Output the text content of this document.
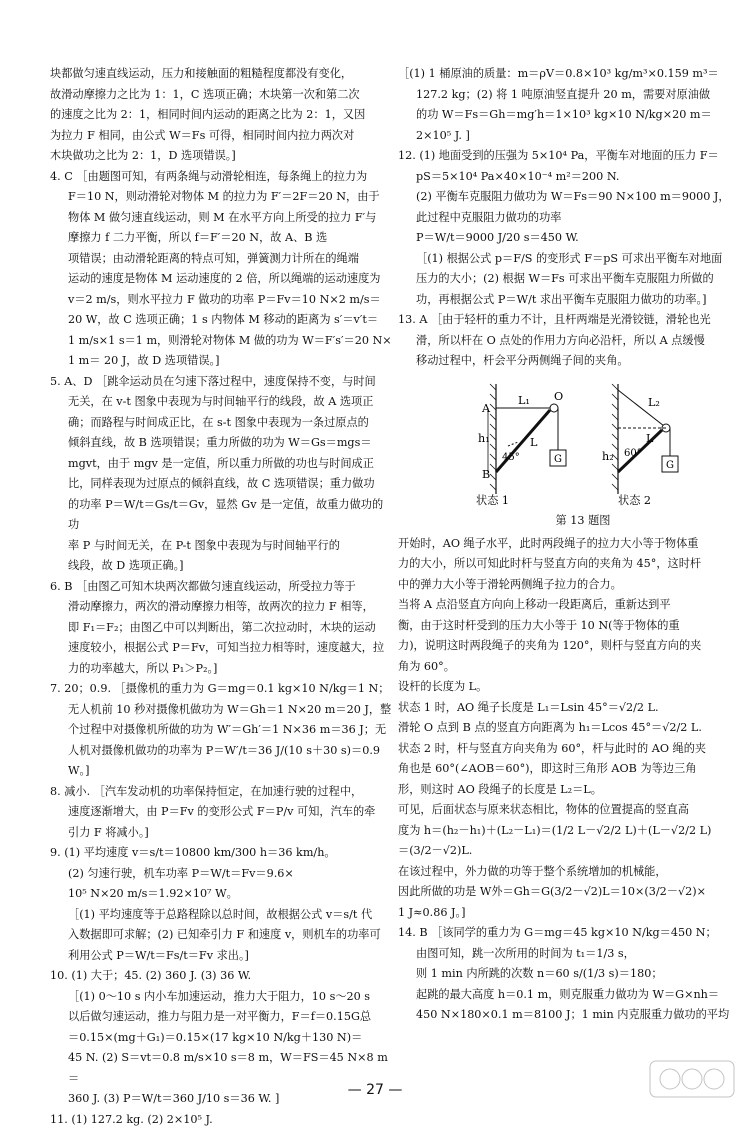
块都做匀速直线运动，压力和接触面的粗糙程度都没有变化，

故滑动摩擦力之比为 1：1，C 选项正确；木块第一次和第二次

的速度之比为 2：1，相同时间内运动的距离之比为 2：1，又因

为拉力 F 相同，由公式 W＝Fs 可得，相同时间内拉力两次对

木块做功之比为 2：1，D 选项错误。]

4. C ［由题图可知，有两条绳与动滑轮相连，每条绳上的拉力为

F＝10 N，则动滑轮对物体 M 的拉力为 F′＝2F＝20 N，由于

物体 M 做匀速直线运动，则 M 在水平方向上所受的拉力 F′与

摩擦力 f 二力平衡，所以 f＝F′＝20 N，故 A、B 选

项错误；由动滑轮距离的特点可知，弹簧测力计所在的绳端

运动的速度是物体 M 运动速度的 2 倍，所以绳端的运动速度为

v＝2 m/s，则水平拉力 F 做功的功率 P＝Fv＝10 N×2 m/s＝

20 W，故 C 选项正确；1 s 内物体 M 移动的距离为 s′＝v′t＝

1 m/s×1 s＝1 m，则滑轮对物体 M 做的功为 W＝F′s′＝20 N×

1 m＝ 20 J，故 D 选项错误。]

5. A、D ［跳伞运动员在匀速下落过程中，速度保持不变，与时间

无关，在 v-t 图象中表现为与时间轴平行的线段，故 A 选项正

确；而路程与时间成正比，在 s-t 图象中表现为一条过原点的

倾斜直线，故 B 选项错误；重力所做的功为 W＝Gs＝mgs＝

mgvt，由于 mgv 是一定值，所以重力所做的功也与时间成正

比，同样表现为过原点的倾斜直线，故 C 选项错误；重力做功

的功率 P＝W/t＝Gs/t＝Gv，显然 Gv 是一定值，故重力做功的功

率 P 与时间无关，在 P-t 图象中表现为与时间轴平行的

线段，故 D 选项正确。]

6. B ［由图乙可知木块两次都做匀速直线运动，所受拉力等于

滑动摩擦力，两次的滑动摩擦力相等，故两次的拉力 F 相等，

即 F₁＝F₂；由图乙中可以判断出，第二次拉动时，木块的运动

速度较小，根据公式 P＝Fv，可知当拉力相等时，速度越大，拉

力的功率越大，所以 P₁＞P₂。]

7. 20；0.9. ［摄像机的重力为 G＝mg＝0.1 kg×10 N/kg＝1 N；

无人机前 10 秒对摄像机做功为 W＝Gh＝1 N×20 m＝20 J，整

个过程中对摄像机所做的功为 W′＝Gh′＝1 N×36 m＝36 J；无

人机对摄像机做功的功率为 P＝W′/t＝36 J/(10 s＋30 s)＝0.9 W。]

8. 减小. ［汽车发动机的功率保持恒定，在加速行驶的过程中，

速度逐渐增大，由 P＝Fv 的变形公式 F＝P/v 可知，汽车的牵

引力 F 将减小。]

9. (1) 平均速度 v＝s/t＝10800 km/300 h＝36 km/h。

(2) 匀速行驶，机车功率 P＝W/t＝Fv＝9.6×

10⁵ N×20 m/s＝1.92×10⁷ W。

［(1) 平均速度等于总路程除以总时间，故根据公式 v＝s/t 代

入数据即可求解；(2) 已知牵引力 F 和速度 v，则机车的功率可

利用公式 P＝W/t＝Fs/t＝Fv 求出。]

10. (1) 大于；45. (2) 360 J. (3) 36 W.

［(1) 0～10 s 内小车加速运动，推力大于阻力，10 s～20 s

以后做匀速运动，推力与阻力是一对平衡力，F＝f＝0.15G总

＝0.15×(mg＋G₁)＝0.15×(17 kg×10 N/kg＋130 N)＝

45 N. (2) S＝vt＝0.8 m/s×10 s＝8 m，W＝FS＝45 N×8 m＝

360 J. (3) P＝W/t＝360 J/10 s＝36 W. ]

11. (1) 127.2 kg. (2) 2×10⁵ J.

［(1) 1 桶原油的质量：m＝ρV＝0.8×10³ kg/m³×0.159 m³＝

127.2 kg；(2) 将 1 吨原油竖直提升 20 m，需要对原油做

的功 W＝Fs＝Gh＝mg′h＝1×10³ kg×10 N/kg×20 m＝

2×10⁵ J. ]

12. (1) 地面受到的压强为 5×10⁴ Pa，平衡车对地面的压力 F＝

pS＝5×10⁴ Pa×40×10⁻⁴ m²＝200 N.

(2) 平衡车克服阻力做功为 W＝Fs＝90 N×100 m＝9000 J，

此过程中克服阻力做功的功率

P＝W/t＝9000 J/20 s＝450 W.

［(1) 根据公式 p＝F/S 的变形式 F＝pS 可求出平衡车对地面

压力的大小；(2) 根据 W＝Fs 可求出平衡车克服阻力所做的

功，再根据公式 P＝W/t 求出平衡车克服阻力做功的功率。]

13. A ［由于轻杆的重力不计，且杆两端是光滑铰链，滑轮也光

滑，所以杆在 O 点处的作用力方向必沿杆，所以 A 点缓慢

移动过程中，杆会平分两侧绳子间的夹角。

A
O
B
L₁
L
h₁
45°	G
L₂
L
h₂ 60°
G
状态 1	状态 2
第 13 题图

开始时，AO 绳子水平，此时两段绳子的拉力大小等于物体重

力的大小，所以可知此时杆与竖直方向的夹角为 45°，这时杆

中的弹力大小等于滑轮两侧绳子拉力的合力。

当将 A 点沿竖直方向向上移动一段距离后，重新达到平

衡，由于这时杆受到的压力大小等于 10 N(等于物体的重

力)，说明这时两段绳子的夹角为 120°，则杆与竖直方向的夹

角为 60°。

设杆的长度为 L。

状态 1 时，AO 绳子长度是 L₁＝Lsin 45°＝√2/2 L.

滑轮 O 点到 B 点的竖直方向距离为 h₁＝Lcos 45°＝√2/2 L.

状态 2 时，杆与竖直方向夹角为 60°，杆与此时的 AO 绳的夹

角也是 60°(∠AOB＝60°)，即这时三角形 AOB 为等边三角

形，则这时 AO 段绳子的长度是 L₂＝L。

可见，后面状态与原来状态相比，物体的位置提高的竖直高

度为 h＝(h₂－h₁)＋(L₂－L₁)＝(1/2 L－√2/2 L)＋(L－√2/2 L)

＝(3/2－√2)L.

在该过程中，外力做的功等于整个系统增加的机械能，

因此所做的功是 W外＝Gh＝G(3/2－√2)L＝10×(3/2－√2)×

1 J≈0.86 J。]

14. B ［该同学的重力为 G＝mg＝45 kg×10 N/kg＝450 N；

由图可知，跳一次所用的时间为 t₁＝1/3 s，

则 1 min 内所跳的次数 n＝60 s/(1/3 s)＝180；

起跳的最大高度 h＝0.1 m，则克服重力做功为 W＝G×nh＝

450 N×180×0.1 m＝8100 J；1 min 内克服重力做功的平均

— 27 —
